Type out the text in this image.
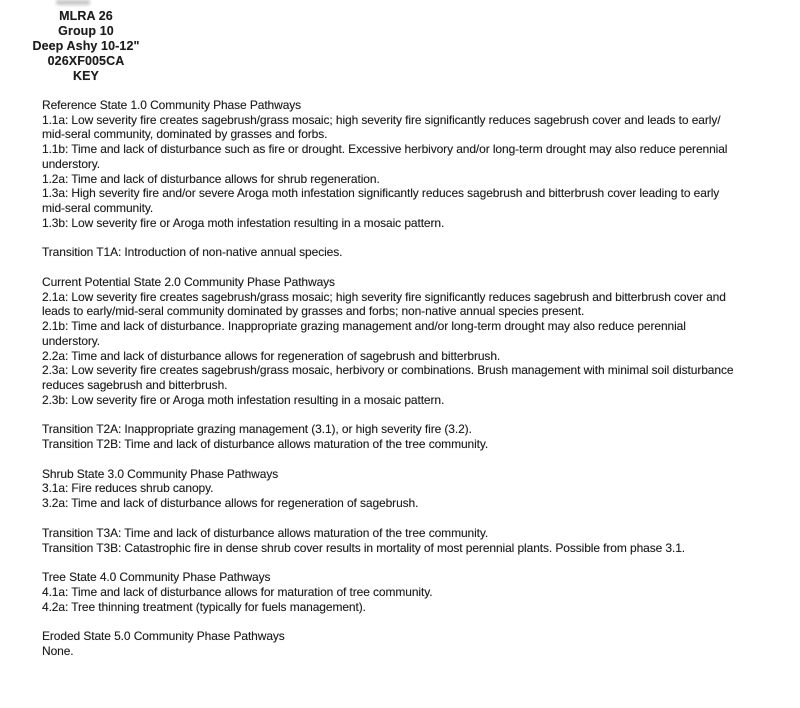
MLRA 26
Group 10
Deep Ashy 10-12"
026XF005CA
KEY
Reference State 1.0 Community Phase Pathways
1.1a: Low severity fire creates sagebrush/grass mosaic; high severity fire significantly reduces sagebrush cover and leads to early/
mid-seral community, dominated by grasses and forbs.
1.1b: Time and lack of disturbance such as fire or drought. Excessive herbivory and/or long-term drought may also reduce perennial
understory.
1.2a: Time and lack of disturbance allows for shrub regeneration.
1.3a: High severity fire and/or severe Aroga moth infestation significantly reduces sagebrush and bitterbrush cover leading to early
mid-seral community.
1.3b: Low severity fire or Aroga moth infestation resulting in a mosaic pattern.
Transition T1A: Introduction of non-native annual species.
Current Potential State 2.0 Community Phase Pathways
2.1a: Low severity fire creates sagebrush/grass mosaic; high severity fire significantly reduces sagebrush and bitterbrush cover and
leads to early/mid-seral community dominated by grasses and forbs; non-native annual species present.
2.1b: Time and lack of disturbance. Inappropriate grazing management and/or long-term drought may also reduce perennial
understory.
2.2a: Time and lack of disturbance allows for regeneration of sagebrush and bitterbrush.
2.3a: Low severity fire creates sagebrush/grass mosaic, herbivory or combinations. Brush management with minimal soil disturbance
reduces sagebrush and bitterbrush.
2.3b: Low severity fire or Aroga moth infestation resulting in a mosaic pattern.
Transition T2A: Inappropriate grazing management (3.1), or high severity fire (3.2).
Transition T2B: Time and lack of disturbance allows maturation of the tree community.
Shrub State 3.0 Community Phase Pathways
3.1a: Fire reduces shrub canopy.
3.2a: Time and lack of disturbance allows for regeneration of sagebrush.
Transition T3A: Time and lack of disturbance allows maturation of the tree community.
Transition T3B: Catastrophic fire in dense shrub cover results in mortality of most perennial plants. Possible from phase 3.1.
Tree State 4.0 Community Phase Pathways
4.1a: Time and lack of disturbance allows for maturation of tree community.
4.2a: Tree thinning treatment (typically for fuels management).
Eroded State 5.0 Community Phase Pathways
None.
